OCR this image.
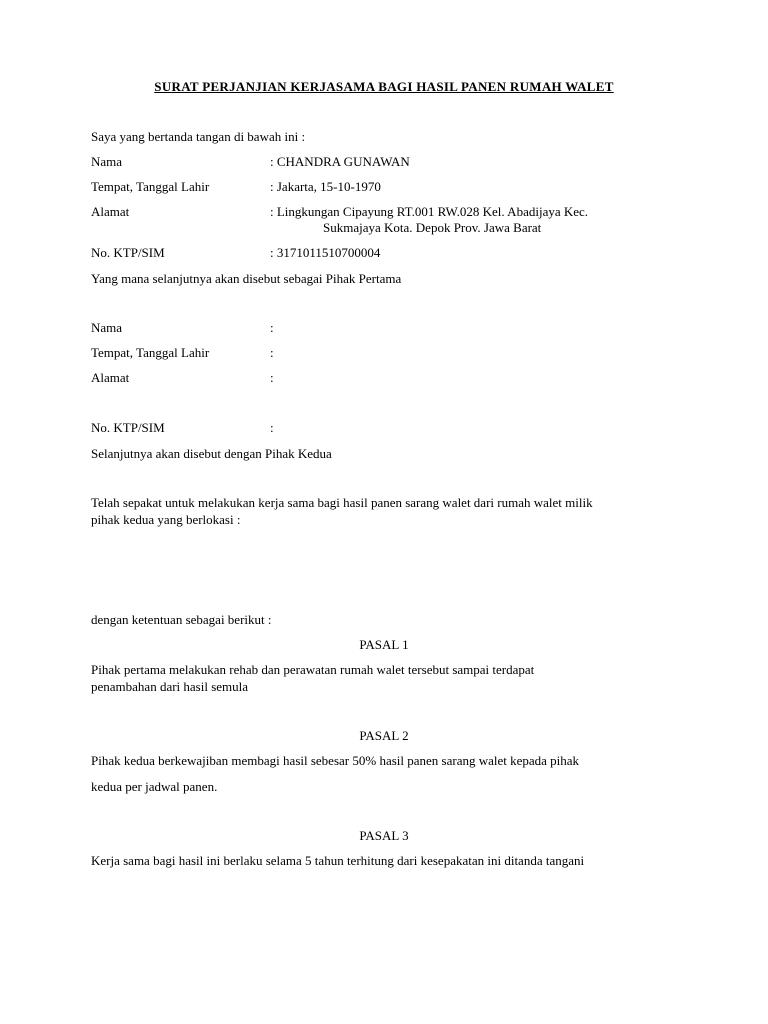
SURAT PERJANJIAN KERJASAMA BAGI HASIL PANEN RUMAH WALET
Saya yang bertanda tangan di bawah ini :
Nama	: CHANDRA GUNAWAN
Tempat, Tanggal Lahir	: Jakarta, 15-10-1970
Alamat	: Lingkungan Cipayung RT.001 RW.028 Kel. Abadijaya Kec.
Sukmajaya Kota. Depok Prov. Jawa Barat
No. KTP/SIM	: 3171011510700004
Yang mana selanjutnya akan disebut sebagai Pihak Pertama
Nama	:
Tempat, Tanggal Lahir	:
Alamat	:
No. KTP/SIM	:
Selanjutnya akan disebut dengan Pihak Kedua
Telah sepakat untuk melakukan kerja sama bagi hasil panen sarang walet dari rumah walet milik
pihak kedua yang berlokasi :
dengan ketentuan sebagai berikut :
PASAL 1
Pihak pertama melakukan rehab dan perawatan rumah walet tersebut sampai terdapat
penambahan dari hasil semula
PASAL 2
Pihak kedua berkewajiban membagi hasil sebesar 50% hasil panen sarang walet kepada pihak
kedua per jadwal panen.
PASAL 3
Kerja sama bagi hasil ini berlaku selama 5 tahun terhitung dari kesepakatan ini ditanda tangani
